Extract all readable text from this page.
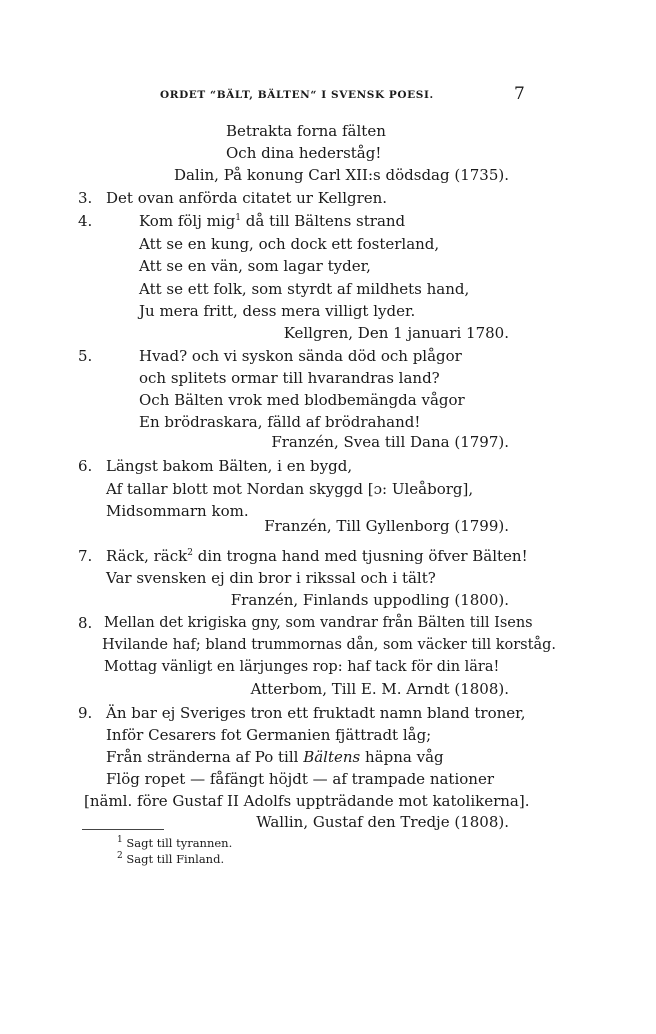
ORDET “BÄLT, BÄLTEN“ I SVENSK POESI.	7
Betrakta forna fälten
Och dina hederståg!
Dalin, På konung Carl XII:s dödsdag (1735).
3. Det ovan anförda citatet ur Kellgren.
4.	Kom följ mig$^1$ då till Bältens strand
Att se en kung, och dock ett fosterland,
Att se en vän, som lagar tyder,
Att se ett folk, som styrdt af mildhets hand,
Ju mera fritt, dess mera villigt lyder.
Kellgren, Den 1 januari 1780.
5.	Hvad? och vi syskon sända död och plågor
och splitets ormar till hvarandras land?
Och Bälten vrok med blodbemängda vågor
En brödraskara, fälld af brödrahand!
Franzén, Svea till Dana (1797).
6. Längst bakom Bälten, i en bygd,
Af tallar blott mot Nordan skyggd [ɔ: Uleåborg],
Midsommarn kom.
Franzén, Till Gyllenborg (1799).
7. Räck, räck$^2$ din trogna hand med tjusning öfver Bälten!
Var svensken ej din bror i rikssal och i tält?
Franzén, Finlands uppodling (1800).
8. Mellan det krigiska gny, som vandrar från Bälten till Isens
Hvilande haf; bland trummornas dån, som väcker till korståg.
Mottag vänligt en lärjunges rop: haf tack för din lära!
Atterbom, Till E. M. Arndt (1808).
9. Än bar ej Sveriges tron ett fruktadt namn bland troner,
Inför Cesarers fot Germanien fjättradt låg;
Från stränderna af Po till Bältens häpna våg
Flög ropet — fåfängt höjdt — af trampade nationer
[näml. före Gustaf II Adolfs uppträdande mot katolikerna].
Wallin, Gustaf den Tredje (1808).
$^1$ Sagt till tyrannen.
$^2$ Sagt till Finland.
